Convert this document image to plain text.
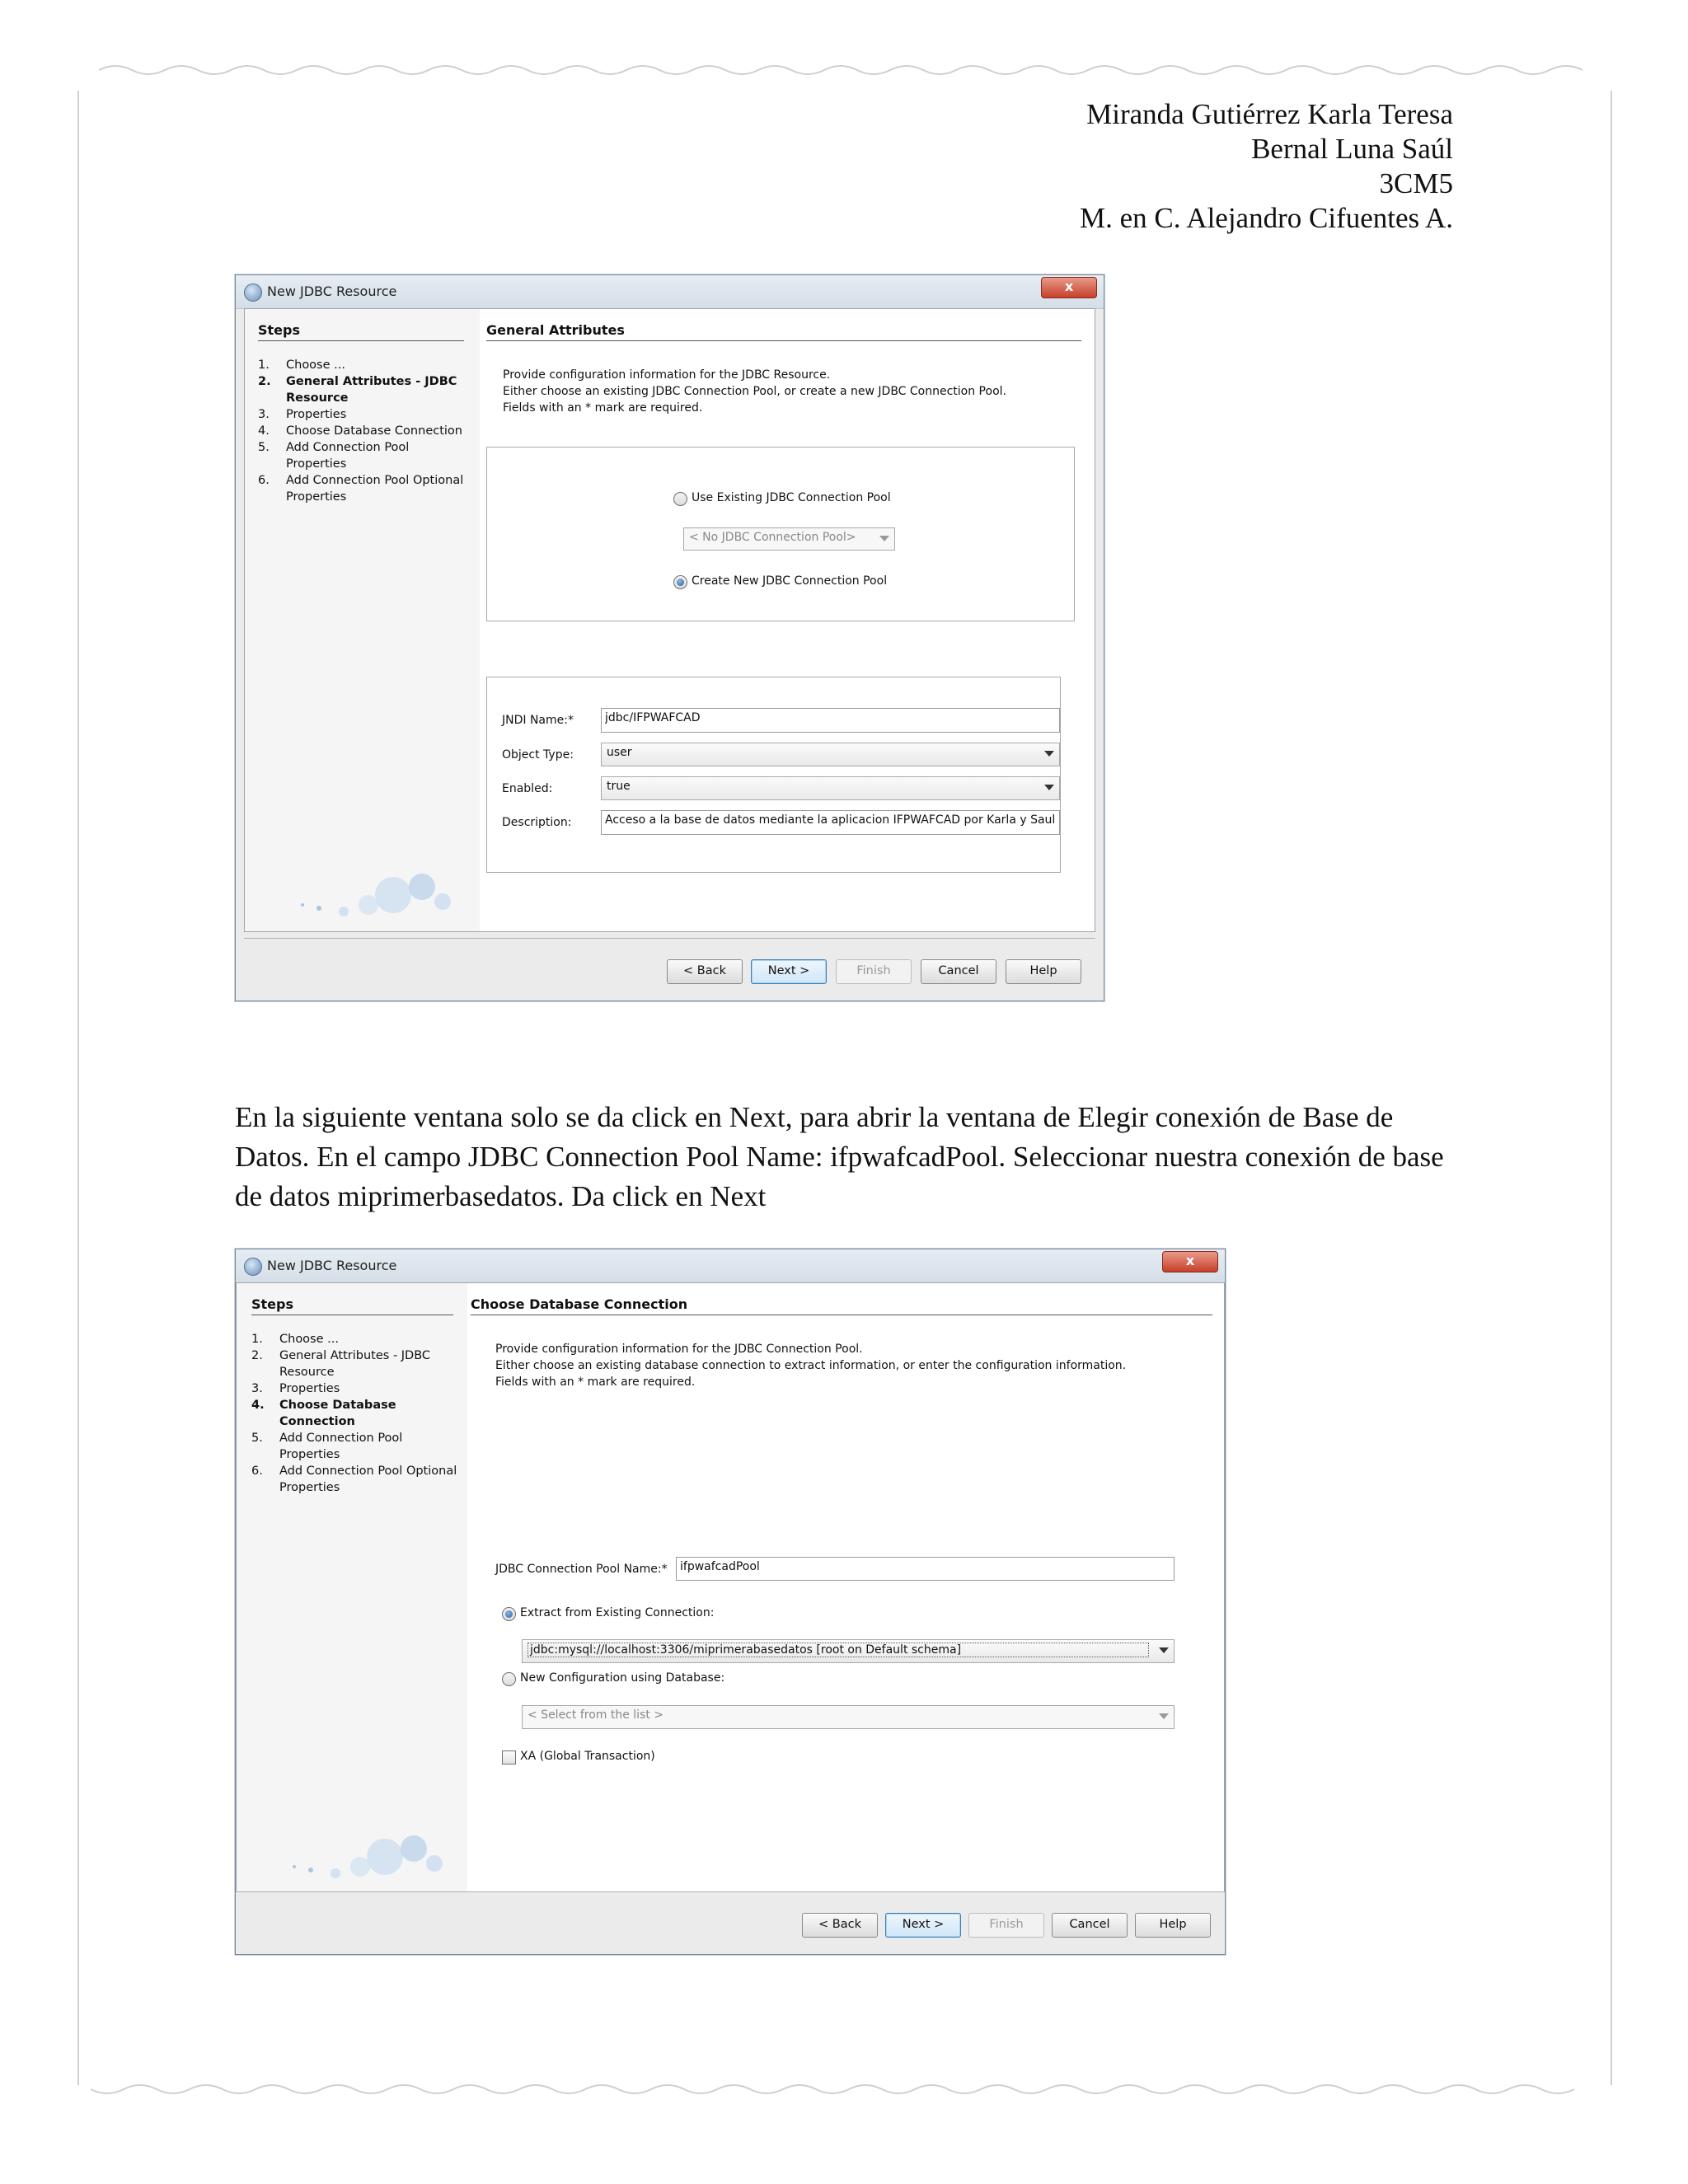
Miranda Gutiérrez Karla Teresa
Bernal Luna Saúl
3CM5
M. en C. Alejandro Cifuentes A.
New JDBC Resource	x
Steps
1.	Choose ...
2.	General Attributes - JDBC Resource
3.	Properties
4.	Choose Database Connection
5.	Add Connection Pool Properties
6.	Add Connection Pool Optional Properties
General Attributes
Provide configuration information for the JDBC Resource.
Either choose an existing JDBC Connection Pool, or create a new JDBC Connection Pool.
Fields with an * mark are required.
Use Existing JDBC Connection Pool
< No JDBC Connection Pool>
Create New JDBC Connection Pool
JNDI Name:*	jdbc/IFPWAFCAD
Object Type:	user
Enabled:	true
Description:	Acceso a la base de datos mediante la aplicacion IFPWAFCAD por Karla y Saul
< Back	Next >	Finish	Cancel	Help
En la siguiente ventana solo se da click en Next, para abrir la ventana de Elegir conexión de Base de Datos. En el campo JDBC Connection Pool Name: ifpwafcadPool. Seleccionar nuestra conexión de base de datos miprimerbasedatos. Da click en Next
New JDBC Resource	x
Steps
1.	Choose ...
2.	General Attributes - JDBC Resource
3.	Properties
4.	Choose Database Connection
5.	Add Connection Pool Properties
6.	Add Connection Pool Optional Properties
Choose Database Connection
Provide configuration information for the JDBC Connection Pool.
Either choose an existing database connection to extract information, or enter the configuration information.
Fields with an * mark are required.
JDBC Connection Pool Name:* ifpwafcadPool
Extract from Existing Connection:
jdbc:mysql://localhost:3306/miprimerabasedatos [root on Default schema]
New Configuration using Database:
< Select from the list >
XA (Global Transaction)
< Back	Next >	Finish	Cancel	Help
